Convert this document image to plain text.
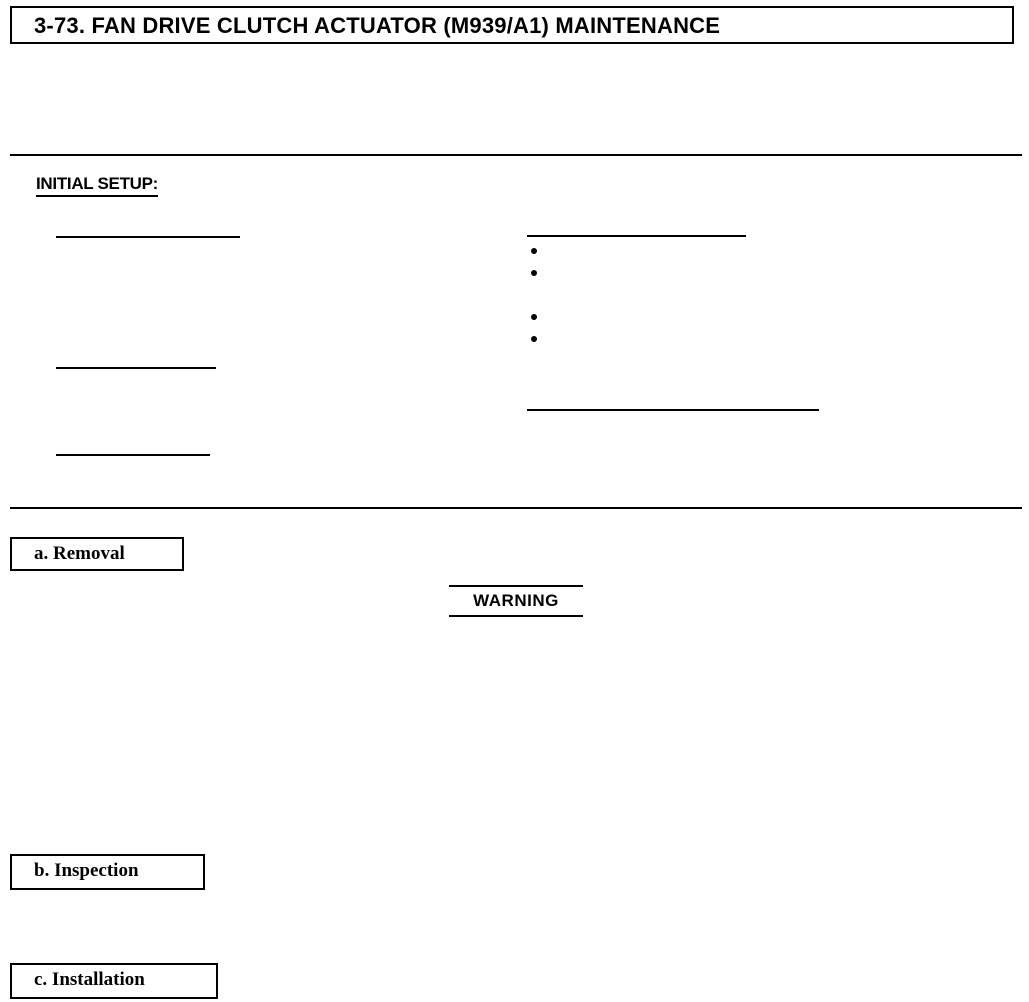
3-73. FAN DRIVE CLUTCH ACTUATOR (M939/A1) MAINTENANCE
INITIAL SETUP:
a. Removal
WARNING
b. Inspection
c. Installation
